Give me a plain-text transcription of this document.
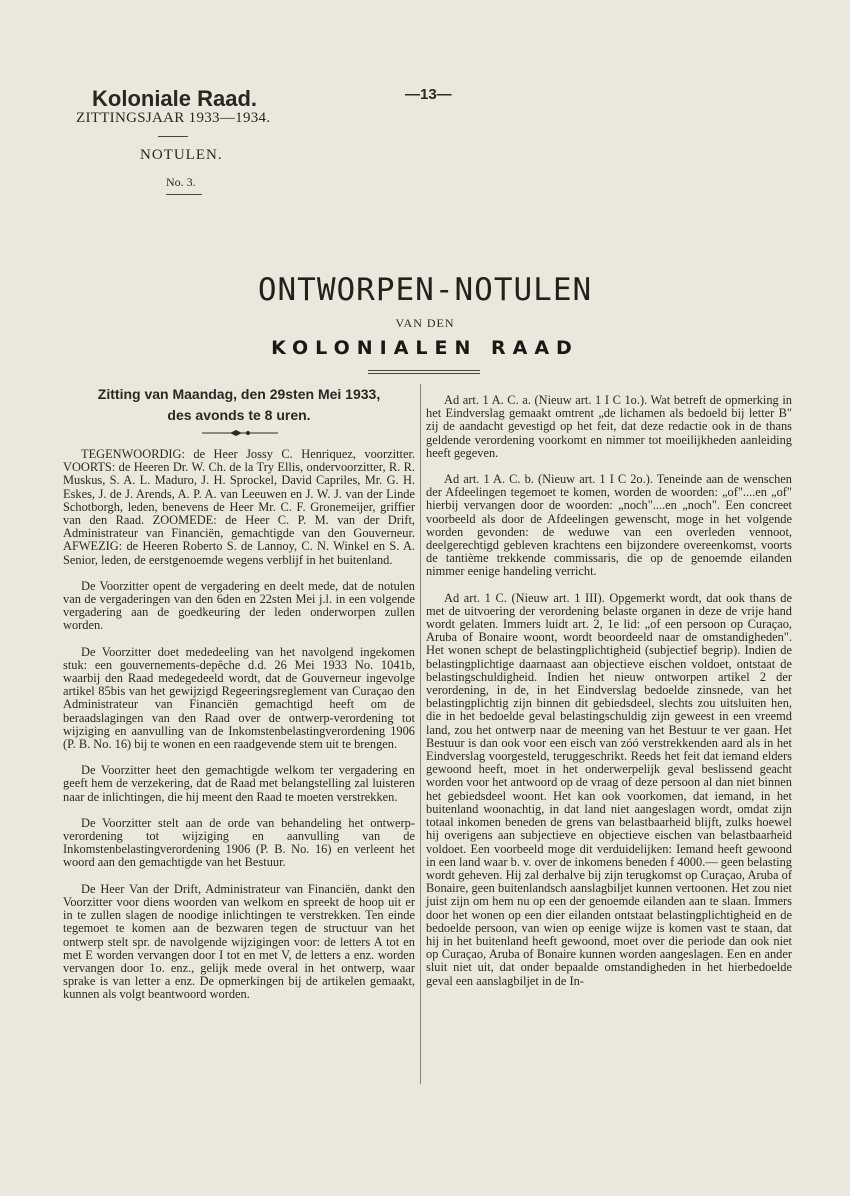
Koloniale Raad.
ZITTINGSJAAR 1933—1934.
—13—
NOTULEN.
No. 3.
ONTWORPEN-NOTULEN
VAN DEN
KOLONIALEN RAAD
Zitting van Maandag, den 29sten Mei 1933,
des avonds te 8 uren.

TEGENWOORDIG: de Heer Jossy C. Henriquez, voorzitter. VOORTS: de Heeren Dr. W. Ch. de la Try Ellis, ondervoorzitter, R. R. Muskus, S. A. L. Maduro, J. H. Sprockel, David Capriles, Mr. G. H. Eskes, J. de J. Arends, A. P. A. van Leeuwen en J. W. J. van der Linde Schotborgh, leden, benevens de Heer Mr. C. F. Gronemeijer, griffier van den Raad. ZOOMEDE: de Heer C. P. M. van der Drift, Administrateur van Financiën, gemachtigde van den Gouverneur. AFWEZIG: de Heeren Roberto S. de Lannoy, C. N. Winkel en S. A. Senior, leden, de eerstgenoemde wegens verblijf in het buitenland.

De Voorzitter opent de vergadering en deelt mede, dat de notulen van de vergaderingen van den 6den en 22sten Mei j.l. in een volgende vergadering aan de goedkeuring der leden onderworpen zullen worden.

De Voorzitter doet mededeeling van het navolgend ingekomen stuk: een gouvernements-depêche d.d. 26 Mei 1933 No. 1041b, waarbij den Raad medegedeeld wordt, dat de Gouverneur ingevolge artikel 85bis van het gewijzigd Regeeringsreglement van Curaçao den Administrateur van Financiën gemachtigd heeft om de beraadslagingen van den Raad over de ontwerp-verordening tot wijziging en aanvulling van de Inkomstenbelastingverordening 1906 (P. B. No. 16) bij te wonen en een raadgevende stem uit te brengen.

De Voorzitter heet den gemachtigde welkom ter vergadering en geeft hem de verzekering, dat de Raad met belangstelling zal luisteren naar de inlichtingen, die hij meent den Raad te moeten verstrekken.

De Voorzitter stelt aan de orde van behandeling het ontwerp-verordening tot wijziging en aanvulling van de Inkomstenbelastingverordening 1906 (P. B. No. 16) en verleent het woord aan den gemachtigde van het Bestuur.

De Heer Van der Drift, Administrateur van Financiën, dankt den Voorzitter voor diens woorden van welkom en spreekt de hoop uit er in te zullen slagen de noodige inlichtingen te verstrekken. Ten einde tegemoet te komen aan de bezwaren tegen de structuur van het ontwerp stelt spr. de navolgende wijzigingen voor: de letters A tot en met E worden vervangen door I tot en met V, de letters a enz. worden vervangen door 1o. enz., gelijk mede overal in het ontwerp, waar sprake is van letter a enz. De opmerkingen bij de artikelen gemaakt, kunnen als volgt beantwoord worden.

Ad art. 1 A. C. a. (Nieuw art. 1 I C 1o.). Wat betreft de opmerking in het Eindverslag gemaakt omtrent „de lichamen als bedoeld bij letter B" zij de aandacht gevestigd op het feit, dat deze redactie ook in de thans geldende verordening voorkomt en nimmer tot moeilijkheden aanleiding heeft gegeven.

Ad art. 1 A. C. b. (Nieuw art. 1 I C 2o.). Teneinde aan de wenschen der Afdeelingen tegemoet te komen, worden de woorden: „of"....en „of" hierbij vervangen door de woorden: „noch"....en „noch". Een concreet voorbeeld als door de Afdeelingen gewenscht, moge in het volgende worden gevonden: de weduwe van een overleden vennoot, deelgerechtigd gebleven krachtens een bijzondere overeenkomst, voorts de tantième trekkende commissaris, die op de genoemde eilanden nimmer eenige handeling verricht.

Ad art. 1 C. (Nieuw art. 1 III). Opgemerkt wordt, dat ook thans de met de uitvoering der verordening belaste organen in deze de vrije hand wordt gelaten. Immers luidt art. 2, 1e lid: „of een persoon op Curaçao, Aruba of Bonaire woont, wordt beoordeeld naar de omstandigheden". Het wonen schept de belastingplichtigheid (subjectief begrip). Indien de belastingplichtige daarnaast aan objectieve eischen voldoet, ontstaat de belastingschuldigheid. Indien het nieuw ontworpen artikel 2 der verordening, in de, in het Eindverslag bedoelde zinsnede, van het belastingplichtig zijn binnen dit gebiedsdeel, slechts zou uitsluiten hen, die in het bedoelde geval belastingschuldig zijn geweest in een vreemd land, zou het ontwerp naar de meening van het Bestuur te ver gaan. Het Bestuur is dan ook voor een eisch van zóó verstrekkenden aard als in het Eindverslag voorgesteld, teruggeschrikt. Reeds het feit dat iemand elders gewoond heeft, moet in het onderwerpelijk geval beslissend geacht worden voor het antwoord op de vraag of deze persoon al dan niet binnen het gebiedsdeel woont. Het kan ook voorkomen, dat iemand, in het buitenland woonachtig, in dat land niet aangeslagen wordt, omdat zijn totaal inkomen beneden de grens van belastbaarheid blijft, zulks hoewel hij overigens aan subjectieve en objectieve eischen van belastbaarheid voldoet. Een voorbeeld moge dit verduidelijken: Iemand heeft gewoond in een land waar b. v. over de inkomens beneden f 4000.— geen belasting wordt geheven. Hij zal derhalve bij zijn terugkomst op Curaçao, Aruba of Bonaire, geen buitenlandsch aanslagbiljet kunnen vertoonen. Het zou niet juist zijn om hem nu op een der genoemde eilanden aan te slaan. Immers door het wonen op een dier eilanden ontstaat belastingplichtigheid en de bedoelde persoon, van wien op eenige wijze is komen vast te staan, dat hij in het buitenland heeft gewoond, moet over die periode dan ook niet op Curaçao, Aruba of Bonaire kunnen worden aangeslagen. Een en ander sluit niet uit, dat onder bepaalde omstandigheden in het hierbedoelde geval een aanslagbiljet in de In-
